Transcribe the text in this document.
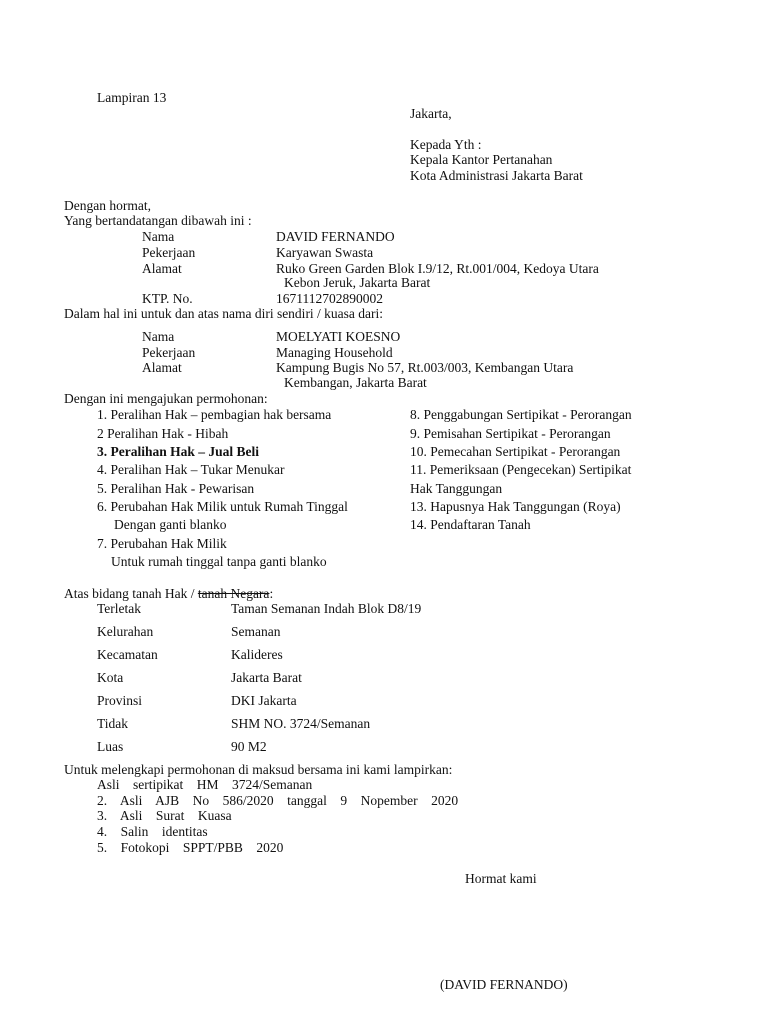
Lampiran 13
Jakarta,
Kepada Yth :
Kepala Kantor Pertanahan
Kota Administrasi Jakarta Barat
Dengan hormat,
Yang bertandatangan dibawah ini :
Nama	DAVID FERNANDO
Pekerjaan	Karyawan Swasta
Alamat	Ruko Green Garden Blok I.9/12, Rt.001/004, Kedoya Utara
Kebon Jeruk, Jakarta Barat
KTP. No.	1671112702890002
Dalam hal ini untuk dan atas nama diri sendiri / kuasa dari:
Nama	MOELYATI KOESNO
Pekerjaan	Managing Household
Alamat	Kampung Bugis No 57, Rt.003/003, Kembangan Utara
Kembangan, Jakarta Barat
Dengan ini mengajukan permohonan:
1. Peralihan Hak – pembagian hak bersama
2 Peralihan Hak - Hibah
3. Peralihan Hak – Jual Beli
4. Peralihan Hak – Tukar Menukar
5. Peralihan Hak - Pewarisan
6. Perubahan Hak Milik untuk Rumah Tinggal
Dengan ganti blanko
7. Perubahan Hak Milik
Untuk rumah tinggal tanpa ganti blanko
8. Penggabungan Sertipikat - Perorangan
9. Pemisahan Sertipikat - Perorangan
10. Pemecahan Sertipikat - Perorangan
11. Pemeriksaan (Pengecekan) Sertipikat
Hak Tanggungan
13. Hapusnya Hak Tanggungan (Roya)
14. Pendaftaran Tanah
Atas bidang tanah Hak / tanah Negara:
Terletak	Taman Semanan Indah Blok D8/19
Kelurahan	Semanan
Kecamatan	Kalideres
Kota	Jakarta Barat
Provinsi	DKI Jakarta
Tidak	SHM NO. 3724/Semanan
Luas	90 M2
Untuk melengkapi permohonan di maksud bersama ini kami lampirkan:
Asli    sertipikat    HM    3724/Semanan
2.    Asli    AJB    No    586/2020    tanggal    9    Nopember    2020
3.    Asli    Surat    Kuasa
4.    Salin    identitas
5.    Fotokopi    SPPT/PBB    2020
Hormat kami
(DAVID FERNANDO)
